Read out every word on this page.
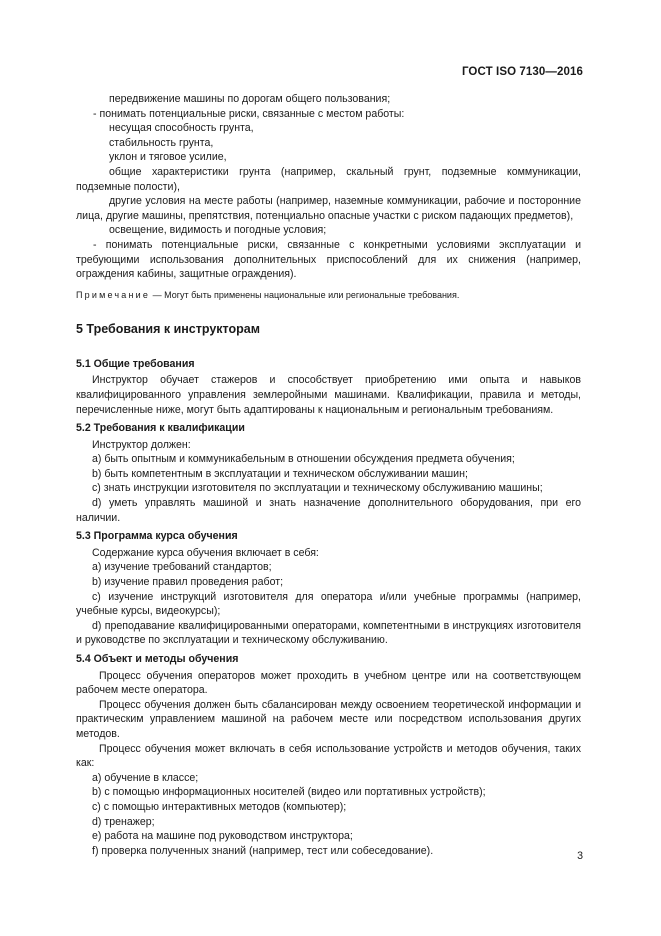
ГОСТ ISO 7130—2016

передвижение машины по дорогам общего пользования;

- понимать потенциальные риски, связанные с местом работы:

несущая способность грунта,

стабильность грунта,

уклон и тяговое усилие,

общие характеристики грунта (например, скальный грунт, подземные коммуникации, подземные полости),

другие условия на месте работы (например, наземные коммуникации, рабочие и посторонние лица, другие машины, препятствия, потенциально опасные участки с риском падающих предметов),

освещение, видимость и погодные условия;

- понимать потенциальные риски, связанные с конкретными условиями эксплуатации и требующими использования дополнительных приспособлений для их снижения (например, ограждения кабины, защитные ограждения).

Примечание — Могут быть применены национальные или региональные требования.

5 Требования к инструкторам

5.1 Общие требования

Инструктор обучает стажеров и способствует приобретению ими опыта и навыков квалифицированного управления землеройными машинами. Квалификации, правила и методы, перечисленные ниже, могут быть адаптированы к национальным и региональным требованиям.

5.2 Требования к квалификации

Инструктор должен:

а) быть опытным и коммуникабельным в отношении обсуждения предмета обучения;

b) быть компетентным в эксплуатации и техническом обслуживании машин;

c) знать инструкции изготовителя по эксплуатации и техническому обслуживанию машины;

d) уметь управлять машиной и знать назначение дополнительного оборудования, при его наличии.

5.3 Программа курса обучения

Содержание курса обучения включает в себя:

а) изучение требований стандартов;

b) изучение правил проведения работ;

c) изучение инструкций изготовителя для оператора и/или учебные программы (например, учебные курсы, видеокурсы);

d) преподавание квалифицированными операторами, компетентными в инструкциях изготовителя и руководстве по эксплуатации и техническому обслуживанию.

5.4 Объект и методы обучения

Процесс обучения операторов может проходить в учебном центре или на соответствующем рабочем месте оператора.

Процесс обучения должен быть сбалансирован между освоением теоретической информации и практическим управлением машиной на рабочем месте или посредством использования других методов.

Процесс обучения может включать в себя использование устройств и методов обучения, таких как:

а) обучение в классе;

b) с помощью информационных носителей (видео или портативных устройств);

c) с помощью интерактивных методов (компьютер);

d) тренажер;

e) работа на машине под руководством инструктора;

f) проверка полученных знаний (например, тест или собеседование).	3
